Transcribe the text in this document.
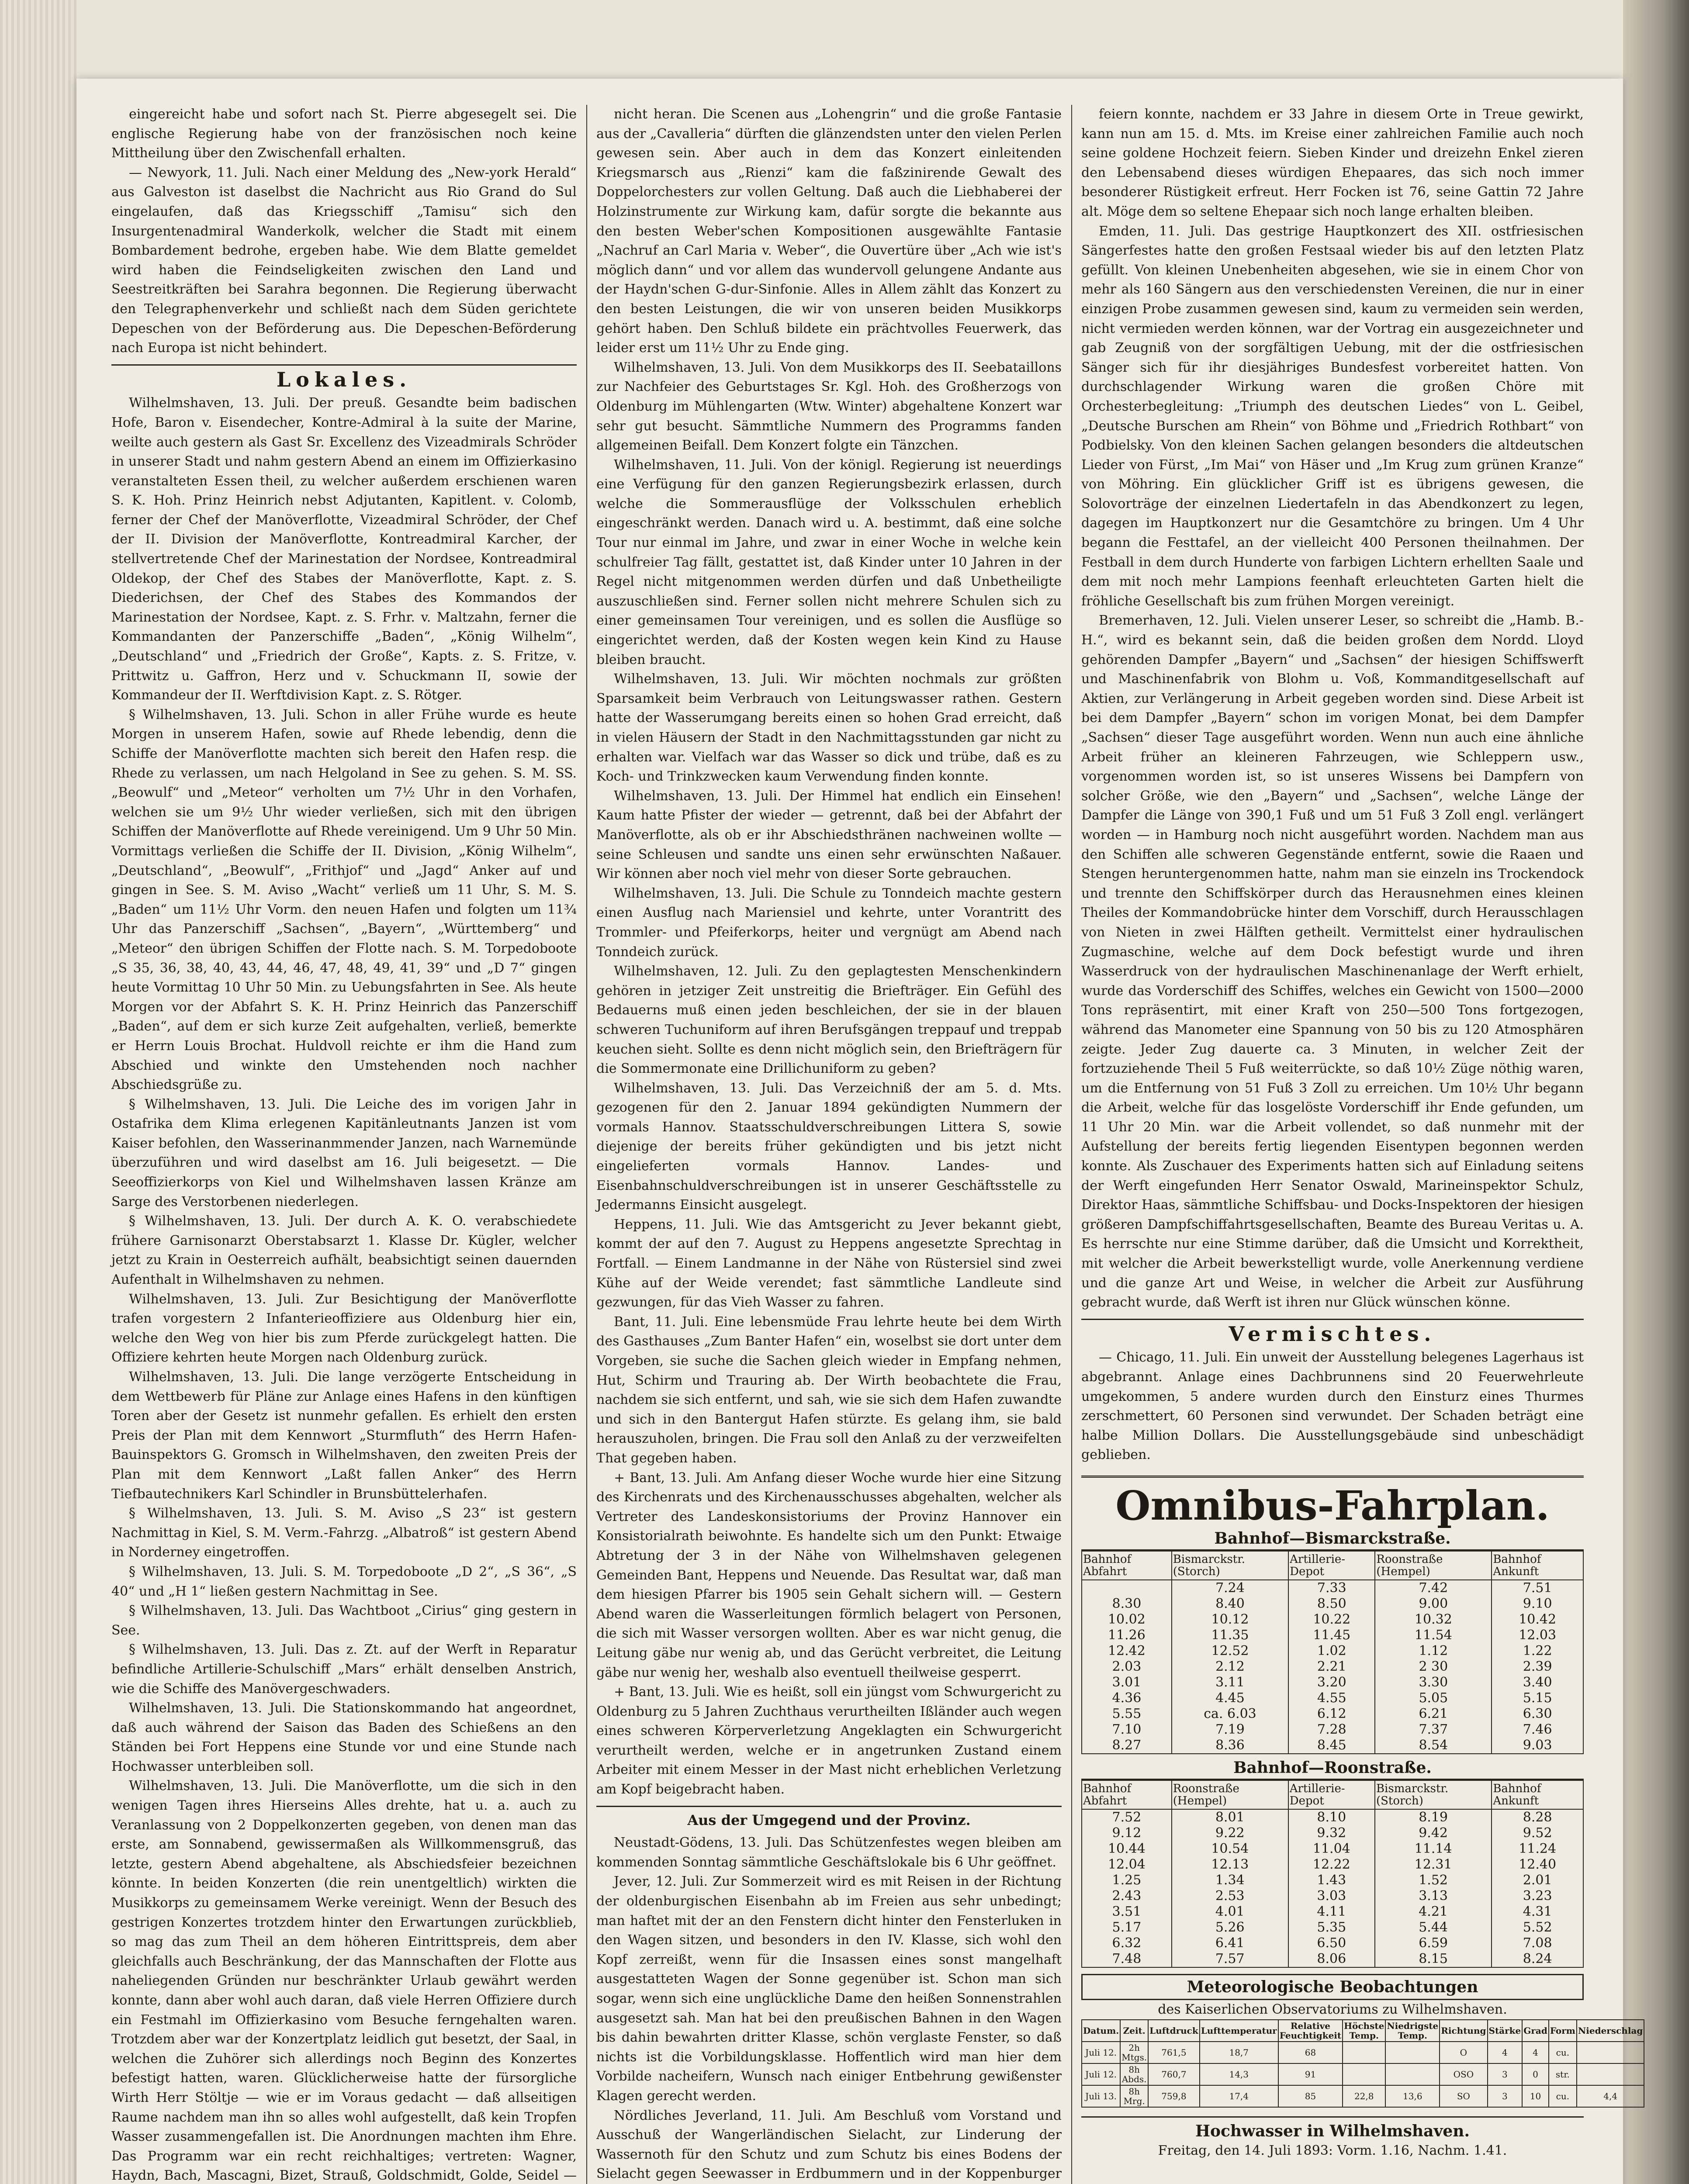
eingereicht habe und sofort nach St. Pierre abgesegelt sei. Die englische Regierung habe von der französischen noch keine Mittheilung über den Zwischenfall erhalten.

— Newyork, 11. Juli. Nach einer Meldung des „New-york Herald“ aus Galveston ist daselbst die Nachricht aus Rio Grand do Sul eingelaufen, daß das Kriegsschiff „Tamisu“ sich den Insurgentenadmiral Wanderkolk, welcher die Stadt mit einem Bombardement bedrohe, ergeben habe. Wie dem Blatte gemeldet wird haben die Feindseligkeiten zwischen den Land und Seestreitkräften bei Sarahra begonnen. Die Regierung überwacht den Telegraphenverkehr und schließt nach dem Süden gerichtete Depeschen von der Beförderung aus. Die Depeschen-Beförderung nach Europa ist nicht behindert.

Lokales.

Wilhelmshaven, 13. Juli. Der preuß. Gesandte beim badischen Hofe, Baron v. Eisendecher, Kontre-Admiral à la suite der Marine, weilte auch gestern als Gast Sr. Excellenz des Vizeadmirals Schröder in unserer Stadt und nahm gestern Abend an einem im Offizierkasino veranstalteten Essen theil, zu welcher außerdem erschienen waren S. K. Hoh. Prinz Heinrich nebst Adjutanten, Kapitlent. v. Colomb, ferner der Chef der Manöverflotte, Vizeadmiral Schröder, der Chef der II. Division der Manöverflotte, Kontreadmiral Karcher, der stellvertretende Chef der Marinestation der Nordsee, Kontreadmiral Oldekop, der Chef des Stabes der Manöverflotte, Kapt. z. S. Diederichsen, der Chef des Stabes des Kommandos der Marinestation der Nordsee, Kapt. z. S. Frhr. v. Maltzahn, ferner die Kommandanten der Panzerschiffe „Baden“, „König Wilhelm“, „Deutschland“ und „Friedrich der Große“, Kapts. z. S. Fritze, v. Prittwitz u. Gaffron, Herz und v. Schuckmann II, sowie der Kommandeur der II. Werftdivision Kapt. z. S. Rötger.

§ Wilhelmshaven, 13. Juli. Schon in aller Frühe wurde es heute Morgen in unserem Hafen, sowie auf Rhede lebendig, denn die Schiffe der Manöverflotte machten sich bereit den Hafen resp. die Rhede zu verlassen, um nach Helgoland in See zu gehen. S. M. SS. „Beowulf“ und „Meteor“ verholten um 7½ Uhr in den Vorhafen, welchen sie um 9½ Uhr wieder verließen, sich mit den übrigen Schiffen der Manöverflotte auf Rhede vereinigend. Um 9 Uhr 50 Min. Vormittags verließen die Schiffe der II. Division, „König Wilhelm“, „Deutschland“, „Beowulf“, „Frithjof“ und „Jagd“ Anker auf und gingen in See. S. M. Aviso „Wacht“ verließ um 11 Uhr, S. M. S. „Baden“ um 11½ Uhr Vorm. den neuen Hafen und folgten um 11¾ Uhr das Panzerschiff „Sachsen“, „Bayern“, „Württemberg“ und „Meteor“ den übrigen Schiffen der Flotte nach. S. M. Torpedoboote „S 35, 36, 38, 40, 43, 44, 46, 47, 48, 49, 41, 39“ und „D 7“ gingen heute Vormittag 10 Uhr 50 Min. zu Uebungsfahrten in See. Als heute Morgen vor der Abfahrt S. K. H. Prinz Heinrich das Panzerschiff „Baden“, auf dem er sich kurze Zeit aufgehalten, verließ, bemerkte er Herrn Louis Brochat. Huldvoll reichte er ihm die Hand zum Abschied und winkte den Umstehenden noch nachher Abschiedsgrüße zu.

§ Wilhelmshaven, 13. Juli. Die Leiche des im vorigen Jahr in Ostafrika dem Klima erlegenen Kapitänleutnants Janzen ist vom Kaiser befohlen, den Wasserinanmmender Janzen, nach Warnemünde überzuführen und wird daselbst am 16. Juli beigesetzt. — Die Seeoffizierkorps von Kiel und Wilhelmshaven lassen Kränze am Sarge des Verstorbenen niederlegen.

§ Wilhelmshaven, 13. Juli. Der durch A. K. O. verabschiedete frühere Garnisonarzt Oberstabsarzt 1. Klasse Dr. Kügler, welcher jetzt zu Krain in Oesterreich aufhält, beabsichtigt seinen dauernden Aufenthalt in Wilhelmshaven zu nehmen.

Wilhelmshaven, 13. Juli. Zur Besichtigung der Manöverflotte trafen vorgestern 2 Infanterieoffiziere aus Oldenburg hier ein, welche den Weg von hier bis zum Pferde zurückgelegt hatten. Die Offiziere kehrten heute Morgen nach Oldenburg zurück.

Wilhelmshaven, 13. Juli. Die lange verzögerte Entscheidung in dem Wettbewerb für Pläne zur Anlage eines Hafens in den künftigen Toren aber der Gesetz ist nunmehr gefallen. Es erhielt den ersten Preis der Plan mit dem Kennwort „Sturmfluth“ des Herrn Hafen-Bauinspektors G. Gromsch in Wilhelmshaven, den zweiten Preis der Plan mit dem Kennwort „Laßt fallen Anker“ des Herrn Tiefbautechnikers Karl Schindler in Brunsbüttelerhafen.

§ Wilhelmshaven, 13. Juli. S. M. Aviso „S 23“ ist gestern Nachmittag in Kiel, S. M. Verm.-Fahrzg. „Albatroß“ ist gestern Abend in Norderney eingetroffen.

§ Wilhelmshaven, 13. Juli. S. M. Torpedoboote „D 2“, „S 36“, „S 40“ und „H 1“ ließen gestern Nachmittag in See.

§ Wilhelmshaven, 13. Juli. Das Wachtboot „Cirius“ ging gestern in See.

§ Wilhelmshaven, 13. Juli. Das z. Zt. auf der Werft in Reparatur befindliche Artillerie-Schulschiff „Mars“ erhält denselben Anstrich, wie die Schiffe des Manövergeschwaders.

Wilhelmshaven, 13. Juli. Die Stationskommando hat angeordnet, daß auch während der Saison das Baden des Schießens an den Ständen bei Fort Heppens eine Stunde vor und eine Stunde nach Hochwasser unterbleiben soll.

Wilhelmshaven, 13. Juli. Die Manöverflotte, um die sich in den wenigen Tagen ihres Hierseins Alles drehte, hat u. a. auch zu Veranlassung von 2 Doppelkonzerten gegeben, von denen man das erste, am Sonnabend, gewissermaßen als Willkommensgruß, das letzte, gestern Abend abgehaltene, als Abschiedsfeier bezeichnen könnte. In beiden Konzerten (die rein unentgeltlich) wirkten die Musikkorps zu gemeinsamem Werke vereinigt. Wenn der Besuch des gestrigen Konzertes trotzdem hinter den Erwartungen zurückblieb, so mag das zum Theil an dem höheren Eintrittspreis, dem aber gleichfalls auch Beschränkung, der das Mannschaften der Flotte aus naheliegenden Gründen nur beschränkter Urlaub gewährt werden konnte, dann aber wohl auch daran, daß viele Herren Offiziere durch ein Festmahl im Offizierkasino vom Besuche ferngehalten waren. Trotzdem aber war der Konzertplatz leidlich gut besetzt, der Saal, in welchen die Zuhörer sich allerdings noch Beginn des Konzertes befestigt hatten, waren. Glücklicherweise hatte der fürsorgliche Wirth Herr Stöltje — wie er im Voraus gedacht — daß allseitigen Raume nachdem man ihn so alles wohl aufgestellt, daß kein Tropfen Wasser zusammengefallen ist. Die Anordnungen machten ihm Ehre. Das Programm war ein recht reichhaltiges; vertreten: Wagner, Haydn, Bach, Mascagni, Bizet, Strauß, Goldschmidt, Golde, Seidel —

nicht heran. Die Scenen aus „Lohengrin“ und die große Fantasie aus der „Cavalleria“ dürften die glänzendsten unter den vielen Perlen gewesen sein. Aber auch in dem das Konzert einleitenden Kriegsmarsch aus „Rienzi“ kam die faßzinirende Gewalt des Doppelorchesters zur vollen Geltung. Daß auch die Liebhaberei der Holzinstrumente zur Wirkung kam, dafür sorgte die bekannte aus den besten Weber'schen Kompositionen ausgewählte Fantasie „Nachruf an Carl Maria v. Weber“, die Ouvertüre über „Ach wie ist's möglich dann“ und vor allem das wundervoll gelungene Andante aus der Haydn'schen G-dur-Sinfonie. Alles in Allem zählt das Konzert zu den besten Leistungen, die wir von unseren beiden Musikkorps gehört haben. Den Schluß bildete ein prächtvolles Feuerwerk, das leider erst um 11½ Uhr zu Ende ging.

Wilhelmshaven, 13. Juli. Von dem Musikkorps des II. Seebataillons zur Nachfeier des Geburtstages Sr. Kgl. Hoh. des Großherzogs von Oldenburg im Mühlengarten (Wtw. Winter) abgehaltene Konzert war sehr gut besucht. Sämmtliche Nummern des Programms fanden allgemeinen Beifall. Dem Konzert folgte ein Tänzchen.

Wilhelmshaven, 11. Juli. Von der königl. Regierung ist neuerdings eine Verfügung für den ganzen Regierungsbezirk erlassen, durch welche die Sommerausflüge der Volksschulen erheblich eingeschränkt werden. Danach wird u. A. bestimmt, daß eine solche Tour nur einmal im Jahre, und zwar in einer Woche in welche kein schulfreier Tag fällt, gestattet ist, daß Kinder unter 10 Jahren in der Regel nicht mitgenommen werden dürfen und daß Unbetheiligte auszuschließen sind. Ferner sollen nicht mehrere Schulen sich zu einer gemeinsamen Tour vereinigen, und es sollen die Ausflüge so eingerichtet werden, daß der Kosten wegen kein Kind zu Hause bleiben braucht.

Wilhelmshaven, 13. Juli. Wir möchten nochmals zur größten Sparsamkeit beim Verbrauch von Leitungswasser rathen. Gestern hatte der Wasserumgang bereits einen so hohen Grad erreicht, daß in vielen Häusern der Stadt in den Nachmittagsstunden gar nicht zu erhalten war. Vielfach war das Wasser so dick und trübe, daß es zu Koch- und Trinkzwecken kaum Verwendung finden konnte.

Wilhelmshaven, 13. Juli. Der Himmel hat endlich ein Einsehen! Kaum hatte Pfister der wieder — getrennt, daß bei der Abfahrt der Manöverflotte, als ob er ihr Abschiedsthränen nachweinen wollte — seine Schleusen und sandte uns einen sehr erwünschten Naßauer. Wir können aber noch viel mehr von dieser Sorte gebrauchen.

Wilhelmshaven, 13. Juli. Die Schule zu Tonndeich machte gestern einen Ausflug nach Mariensiel und kehrte, unter Vorantritt des Trommler- und Pfeiferkorps, heiter und vergnügt am Abend nach Tonndeich zurück.

Wilhelmshaven, 12. Juli. Zu den geplagtesten Menschenkindern gehören in jetziger Zeit unstreitig die Briefträger. Ein Gefühl des Bedauerns muß einen jeden beschleichen, der sie in der blauen schweren Tuchuniform auf ihren Berufsgängen treppauf und treppab keuchen sieht. Sollte es denn nicht möglich sein, den Briefträgern für die Sommermonate eine Drillichuniform zu geben?

Wilhelmshaven, 13. Juli. Das Verzeichniß der am 5. d. Mts. gezogenen für den 2. Januar 1894 gekündigten Nummern der vormals Hannov. Staatsschuldverschreibungen Littera S, sowie diejenige der bereits früher gekündigten und bis jetzt nicht eingelieferten vormals Hannov. Landes- und Eisenbahnschuldverschreibungen ist in unserer Geschäftsstelle zu Jedermanns Einsicht ausgelegt.

Heppens, 11. Juli. Wie das Amtsgericht zu Jever bekannt giebt, kommt der auf den 7. August zu Heppens angesetzte Sprechtag in Fortfall. — Einem Landmanne in der Nähe von Rüstersiel sind zwei Kühe auf der Weide verendet; fast sämmtliche Landleute sind gezwungen, für das Vieh Wasser zu fahren.

Bant, 11. Juli. Eine lebensmüde Frau lehrte heute bei dem Wirth des Gasthauses „Zum Banter Hafen“ ein, woselbst sie dort unter dem Vorgeben, sie suche die Sachen gleich wieder in Empfang nehmen, Hut, Schirm und Trauring ab. Der Wirth beobachtete die Frau, nachdem sie sich entfernt, und sah, wie sie sich dem Hafen zuwandte und sich in den Bantergut Hafen stürzte. Es gelang ihm, sie bald herauszuholen, bringen. Die Frau soll den Anlaß zu der verzweifelten That gegeben haben.

+ Bant, 13. Juli. Am Anfang dieser Woche wurde hier eine Sitzung des Kirchenrats und des Kirchenausschusses abgehalten, welcher als Vertreter des Landeskonsistoriums der Provinz Hannover ein Konsistorialrath beiwohnte. Es handelte sich um den Punkt: Etwaige Abtretung der 3 in der Nähe von Wilhelmshaven gelegenen Gemeinden Bant, Heppens und Neuende. Das Resultat war, daß man dem hiesigen Pfarrer bis 1905 sein Gehalt sichern will. — Gestern Abend waren die Wasserleitungen förmlich belagert von Personen, die sich mit Wasser versorgen wollten. Aber es war nicht genug, die Leitung gäbe nur wenig ab, und das Gerücht verbreitet, die Leitung gäbe nur wenig her, weshalb also eventuell theilweise gesperrt.

+ Bant, 13. Juli. Wie es heißt, soll ein jüngst vom Schwurgericht zu Oldenburg zu 5 Jahren Zuchthaus verurtheilten Ißländer auch wegen eines schweren Körperverletzung Angeklagten ein Schwurgericht verurtheilt werden, welche er in angetrunken Zustand einem Arbeiter mit einem Messer in der Mast nicht erheblichen Verletzung am Kopf beigebracht haben.

Aus der Umgegend und der Provinz.

Neustadt-Gödens, 13. Juli. Das Schützenfestes wegen bleiben am kommenden Sonntag sämmtliche Geschäftslokale bis 6 Uhr geöffnet.

Jever, 12. Juli. Zur Sommerzeit wird es mit Reisen in der Richtung der oldenburgischen Eisenbahn ab im Freien aus sehr unbedingt; man haftet mit der an den Fenstern dicht hinter den Fensterluken in den Wagen sitzen, und besonders in den IV. Klasse, sich wohl den Kopf zerreißt, wenn für die Insassen eines sonst mangelhaft ausgestatteten Wagen der Sonne gegenüber ist. Schon man sich sogar, wenn sich eine unglückliche Dame den heißen Sonnenstrahlen ausgesetzt sah. Man hat bei den preußischen Bahnen in den Wagen bis dahin bewahrten dritter Klasse, schön verglaste Fenster, so daß nichts ist die Vorbildungsklasse. Hoffentlich wird man hier dem Vorbilde nacheifern, Wunsch nach einiger Entbehrung gewißenster Klagen gerecht werden.

Nördliches Jeverland, 11. Juli. Am Beschluß vom Vorstand und Ausschuß der Wangerländischen Sielacht, zur Linderung der Wassernoth für den Schutz und zum Schutz bis eines Bodens der Sielacht gegen Seewasser in Erdbummern und in der Koppenburger

feiern konnte, nachdem er 33 Jahre in diesem Orte in Treue gewirkt, kann nun am 15. d. Mts. im Kreise einer zahlreichen Familie auch noch seine goldene Hochzeit feiern. Sieben Kinder und dreizehn Enkel zieren den Lebensabend dieses würdigen Ehepaares, das sich noch immer besonderer Rüstigkeit erfreut. Herr Focken ist 76, seine Gattin 72 Jahre alt. Möge dem so seltene Ehepaar sich noch lange erhalten bleiben.

Emden, 11. Juli. Das gestrige Hauptkonzert des XII. ostfriesischen Sängerfestes hatte den großen Festsaal wieder bis auf den letzten Platz gefüllt. Von kleinen Unebenheiten abgesehen, wie sie in einem Chor von mehr als 160 Sängern aus den verschiedensten Vereinen, die nur in einer einzigen Probe zusammen gewesen sind, kaum zu vermeiden sein werden, nicht vermieden werden können, war der Vortrag ein ausgezeichneter und gab Zeugniß von der sorgfältigen Uebung, mit der die ostfriesischen Sänger sich für ihr diesjähriges Bundesfest vorbereitet hatten. Von durchschlagender Wirkung waren die großen Chöre mit Orchesterbegleitung: „Triumph des deutschen Liedes“ von L. Geibel, „Deutsche Burschen am Rhein“ von Böhme und „Friedrich Rothbart“ von Podbielsky. Von den kleinen Sachen gelangen besonders die altdeutschen Lieder von Fürst, „Im Mai“ von Häser und „Im Krug zum grünen Kranze“ von Möhring. Ein glücklicher Griff ist es übrigens gewesen, die Solovorträge der einzelnen Liedertafeln in das Abendkonzert zu legen, dagegen im Hauptkonzert nur die Gesamtchöre zu bringen. Um 4 Uhr begann die Festtafel, an der vielleicht 400 Personen theilnahmen. Der Festball in dem durch Hunderte von farbigen Lichtern erhellten Saale und dem mit noch mehr Lampions feenhaft erleuchteten Garten hielt die fröhliche Gesellschaft bis zum frühen Morgen vereinigt.

Bremerhaven, 12. Juli. Vielen unserer Leser, so schreibt die „Hamb. B.-H.“, wird es bekannt sein, daß die beiden großen dem Nordd. Lloyd gehörenden Dampfer „Bayern“ und „Sachsen“ der hiesigen Schiffswerft und Maschinenfabrik von Blohm u. Voß, Kommanditgesellschaft auf Aktien, zur Verlängerung in Arbeit gegeben worden sind. Diese Arbeit ist bei dem Dampfer „Bayern“ schon im vorigen Monat, bei dem Dampfer „Sachsen“ dieser Tage ausgeführt worden. Wenn nun auch eine ähnliche Arbeit früher an kleineren Fahrzeugen, wie Schleppern usw., vorgenommen worden ist, so ist unseres Wissens bei Dampfern von solcher Größe, wie den „Bayern“ und „Sachsen“, welche Länge der Dampfer die Länge von 390,1 Fuß und um 51 Fuß 3 Zoll engl. verlängert worden — in Hamburg noch nicht ausgeführt worden. Nachdem man aus den Schiffen alle schweren Gegenstände entfernt, sowie die Raaen und Stengen heruntergenommen hatte, nahm man sie einzeln ins Trockendock und trennte den Schiffskörper durch das Herausnehmen eines kleinen Theiles der Kommandobrücke hinter dem Vorschiff, durch Herausschlagen von Nieten in zwei Hälften getheilt. Vermittelst einer hydraulischen Zugmaschine, welche auf dem Dock befestigt wurde und ihren Wasserdruck von der hydraulischen Maschinenanlage der Werft erhielt, wurde das Vorderschiff des Schiffes, welches ein Gewicht von 1500—2000 Tons repräsentirt, mit einer Kraft von 250—500 Tons fortgezogen, während das Manometer eine Spannung von 50 bis zu 120 Atmosphären zeigte. Jeder Zug dauerte ca. 3 Minuten, in welcher Zeit der fortzuziehende Theil 5 Fuß weiterrückte, so daß 10½ Züge nöthig waren, um die Entfernung von 51 Fuß 3 Zoll zu erreichen. Um 10½ Uhr begann die Arbeit, welche für das losgelöste Vorderschiff ihr Ende gefunden, um 11 Uhr 20 Min. war die Arbeit vollendet, so daß nunmehr mit der Aufstellung der bereits fertig liegenden Eisentypen begonnen werden konnte. Als Zuschauer des Experiments hatten sich auf Einladung seitens der Werft eingefunden Herr Senator Oswald, Marineinspektor Schulz, Direktor Haas, sämmtliche Schiffsbau- und Docks-Inspektoren der hiesigen größeren Dampfschiffahrtsgesellschaften, Beamte des Bureau Veritas u. A. Es herrschte nur eine Stimme darüber, daß die Umsicht und Korrektheit, mit welcher die Arbeit bewerkstelligt wurde, volle Anerkennung verdiene und die ganze Art und Weise, in welcher die Arbeit zur Ausführung gebracht wurde, daß Werft ist ihren nur Glück wünschen könne.

Vermischtes.

— Chicago, 11. Juli. Ein unweit der Ausstellung belegenes Lagerhaus ist abgebrannt. Anlage eines Dachbrunnens sind 20 Feuerwehrleute umgekommen, 5 andere wurden durch den Einsturz eines Thurmes zerschmettert, 60 Personen sind verwundet. Der Schaden beträgt eine halbe Million Dollars. Die Ausstellungsgebäude sind unbeschädigt geblieben.

Omnibus-Fahrplan.
Bahnhof—Bismarckstraße.
Bahnhof Abfahrt	Bismarckstr. (Storch)	Artillerie-Depot	Roonstraße (Hempel)	Bahnhof Ankunft
	7.24	7.33	7.42	7.51
8.30	8.40	8.50	9.00	9.10
10.02	10.12	10.22	10.32	10.42
11.26	11.35	11.45	11.54	12.03
12.42	12.52	1.02	1.12	1.22
2.03	2.12	2.21	2 30	2.39
3.01	3.11	3.20	3.30	3.40
4.36	4.45	4.55	5.05	5.15
5.55	ca. 6.03	6.12	6.21	6.30
7.10	7.19	7.28	7.37	7.46
8.27	8.36	8.45	8.54	9.03
Bahnhof—Roonstraße.
Bahnhof Abfahrt	Roonstraße (Hempel)	Artillerie-Depot	Bismarckstr. (Storch)	Bahnhof Ankunft
7.52	8.01	8.10	8.19	8.28
9.12	9.22	9.32	9.42	9.52
10.44	10.54	11.04	11.14	11.24
12.04	12.13	12.22	12.31	12.40
1.25	1.34	1.43	1.52	2.01
2.43	2.53	3.03	3.13	3.23
3.51	4.01	4.11	4.21	4.31
5.17	5.26	5.35	5.44	5.52
6.32	6.41	6.50	6.59	7.08
7.48	7.57	8.06	8.15	8.24
Meteorologische Beobachtungen
des Kaiserlichen Observatoriums zu Wilhelmshaven.
Datum.	Zeit.	Luftdruck	Lufttemperatur	Relative Feuchtigkeit	Höchste Temp.	Niedrigste Temp.	Richtung	Stärke	Grad	Form	Niederschlag
Juli 12.	2h Mtgs.	761,5	18,7	68			O	4	4	cu.	
Juli 12.	8h Abds.	760,7	14,3	91			OSO	3	0	str.	
Juli 13.	8h Mrg.	759,8	17,4	85	22,8	13,6	SO	3	10	cu.	4,4
Hochwasser in Wilhelmshaven.
Freitag, den 14. Juli 1893: Vorm. 1.16, Nachm. 1.41.
